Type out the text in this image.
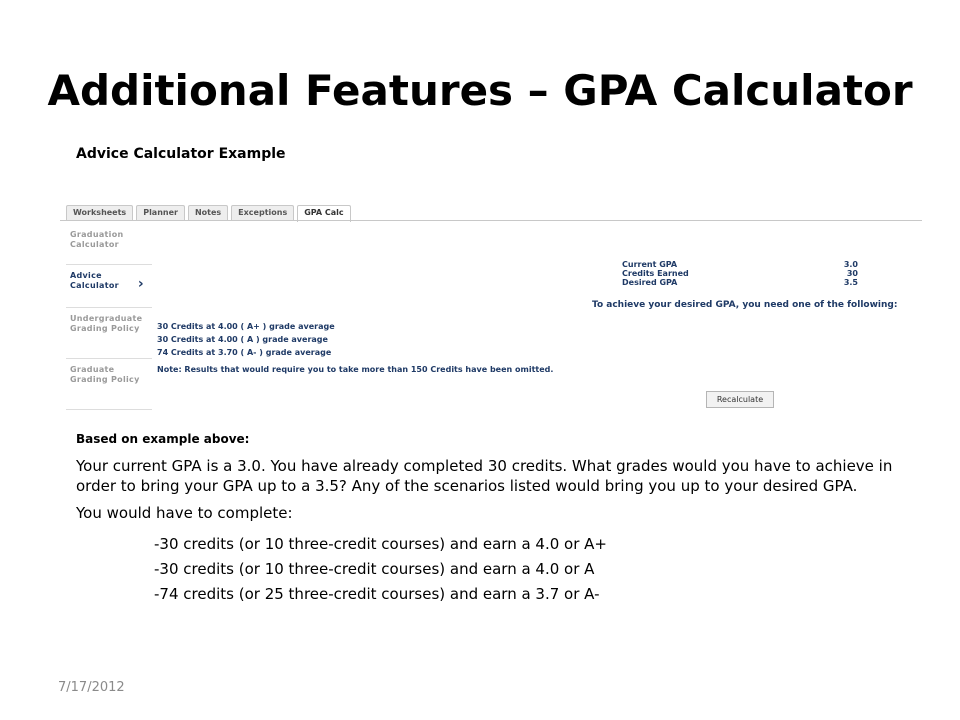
Additional Features – GPA Calculator
Advice Calculator Example
Worksheets	Planner	Notes	Exceptions	GPA Calc
Graduation Calculator
Advice Calculator ›
Undergraduate Grading Policy
Graduate Grading Policy
Current GPA	3.0
Credits Earned	30
Desired GPA	3.5
To achieve your desired GPA, you need one of the following:
30 Credits at 4.00 ( A+ ) grade average
30 Credits at 4.00 ( A ) grade average
74 Credits at 3.70 ( A- ) grade average
Note: Results that would require you to take more than 150 Credits have been omitted.
Recalculate
Based on example above:

Your current GPA is a 3.0. You have already completed 30 credits. What grades would you have to achieve in order to bring your GPA up to a 3.5? Any of the scenarios listed would bring you up to your desired GPA.

You would have to complete:
-30 credits (or 10 three-credit courses) and earn a 4.0 or A+
-30 credits (or 10 three-credit courses) and earn a 4.0 or A
-74 credits (or 25 three-credit courses) and earn a 3.7 or A-
7/17/2012
